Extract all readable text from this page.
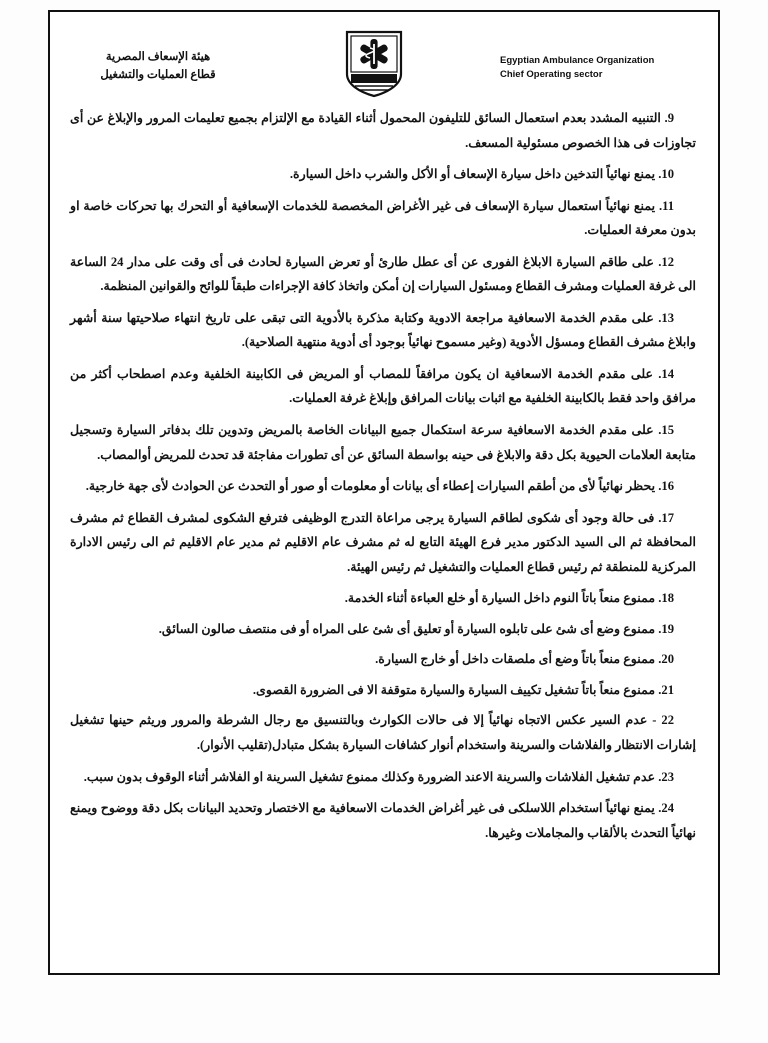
هيئة الإسعاف المصرية
قطاع العمليات والتشغيل
Egyptian Ambulance Organization
Chief Operating sector

9. التنبيه المشدد بعدم استعمال السائق للتليفون المحمول أثناء القيادة مع الإلتزام بجميع تعليمات المرور والإبلاغ عن أى تجاوزات فى هذا الخصوص مسئولية المسعف.

10. يمنع نهائياً التدخين داخل سيارة الإسعاف أو الأكل والشرب داخل السيارة.

11. يمنع نهائياً استعمال سيارة الإسعاف فى غير الأغراض المخصصة للخدمات الإسعافية أو التحرك بها تحركات خاصة او بدون معرفة العمليات.

12. على طاقم السيارة الابلاغ الفورى عن أى عطل طارئ أو تعرض السيارة لحادث فى أى وقت على مدار 24 الساعة الى غرفة العمليات ومشرف القطاع ومسئول السيارات إن أمكن واتخاذ كافة الإجراءات طبقاً للوائح والقوانين المنظمة.

13. على مقدم الخدمة الاسعافية مراجعة الادوية وكتابة مذكرة بالأدوية التى تبقى على تاريخ انتهاء صلاحيتها سنة أشهر وابلاغ مشرف القطاع ومسؤل الأدوية (وغير مسموح نهائياً بوجود أى أدوية منتهية الصلاحية).

14. على مقدم الخدمة الاسعافية ان يكون مرافقاً للمصاب أو المريض فى الكابينة الخلفية وعدم اصطحاب أكثر من مرافق واحد فقط بالكابينة الخلفية مع اثبات بيانات المرافق وإبلاغ غرفة العمليات.

15. على مقدم الخدمة الاسعافية سرعة استكمال جميع البيانات الخاصة بالمريض وتدوين تلك بدفاتر السيارة وتسجيل متابعة العلامات الحيوية بكل دقة والابلاغ فى حينه بواسطة السائق عن أى تطورات مفاجئة قد تحدث للمريض أوالمصاب.

16. يحظر نهائياً لأى من أطقم السيارات إعطاء أى بيانات أو معلومات أو صور أو التحدث عن الحوادث لأى جهة خارجية.

17. فى حالة وجود أى شكوى لطاقم السيارة يرجى مراعاة التدرج الوظيفى فترفع الشكوى لمشرف القطاع ثم مشرف المحافظة ثم الى السيد الدكتور مدير فرع الهيئة التابع له ثم مشرف عام الاقليم ثم مدير عام الاقليم ثم الى رئيس الادارة المركزية للمنطقة ثم رئيس قطاع العمليات والتشغيل ثم رئيس الهيئة.

18. ممنوع منعاً باتاً النوم داخل السيارة أو خلع العباءة أثناء الخدمة.

19. ممنوع وضع أى شئ على تابلوه السيارة أو تعليق أى شئ على المراه أو فى منتصف صالون السائق.

20. ممنوع منعاً باتاً وضع أى ملصقات داخل أو خارج السيارة.

21. ممنوع منعاً باتاً تشغيل تكييف السيارة والسيارة متوقفة الا فى الضرورة القصوى.

22 - عدم السير عكس الاتجاه نهائياً إلا فى حالات الكوارث وبالتنسيق مع رجال الشرطة والمرور وريثم حينها تشغيل إشارات الانتظار والفلاشات والسرينة واستخدام أنوار كشافات السيارة بشكل متبادل(تقليب الأنوار).

23. عدم تشغيل الفلاشات والسرينة الاعند الضرورة وكذلك ممنوع تشغيل السرينة او الفلاشر أثناء الوقوف بدون سبب.

24. يمنع نهائياً استخدام اللاسلكى فى غير أغراض الخدمات الاسعافية مع الاختصار وتحديد البيانات بكل دقة ووضوح ويمنع نهائياً التحدث بالألقاب والمجاملات وغيرها.
